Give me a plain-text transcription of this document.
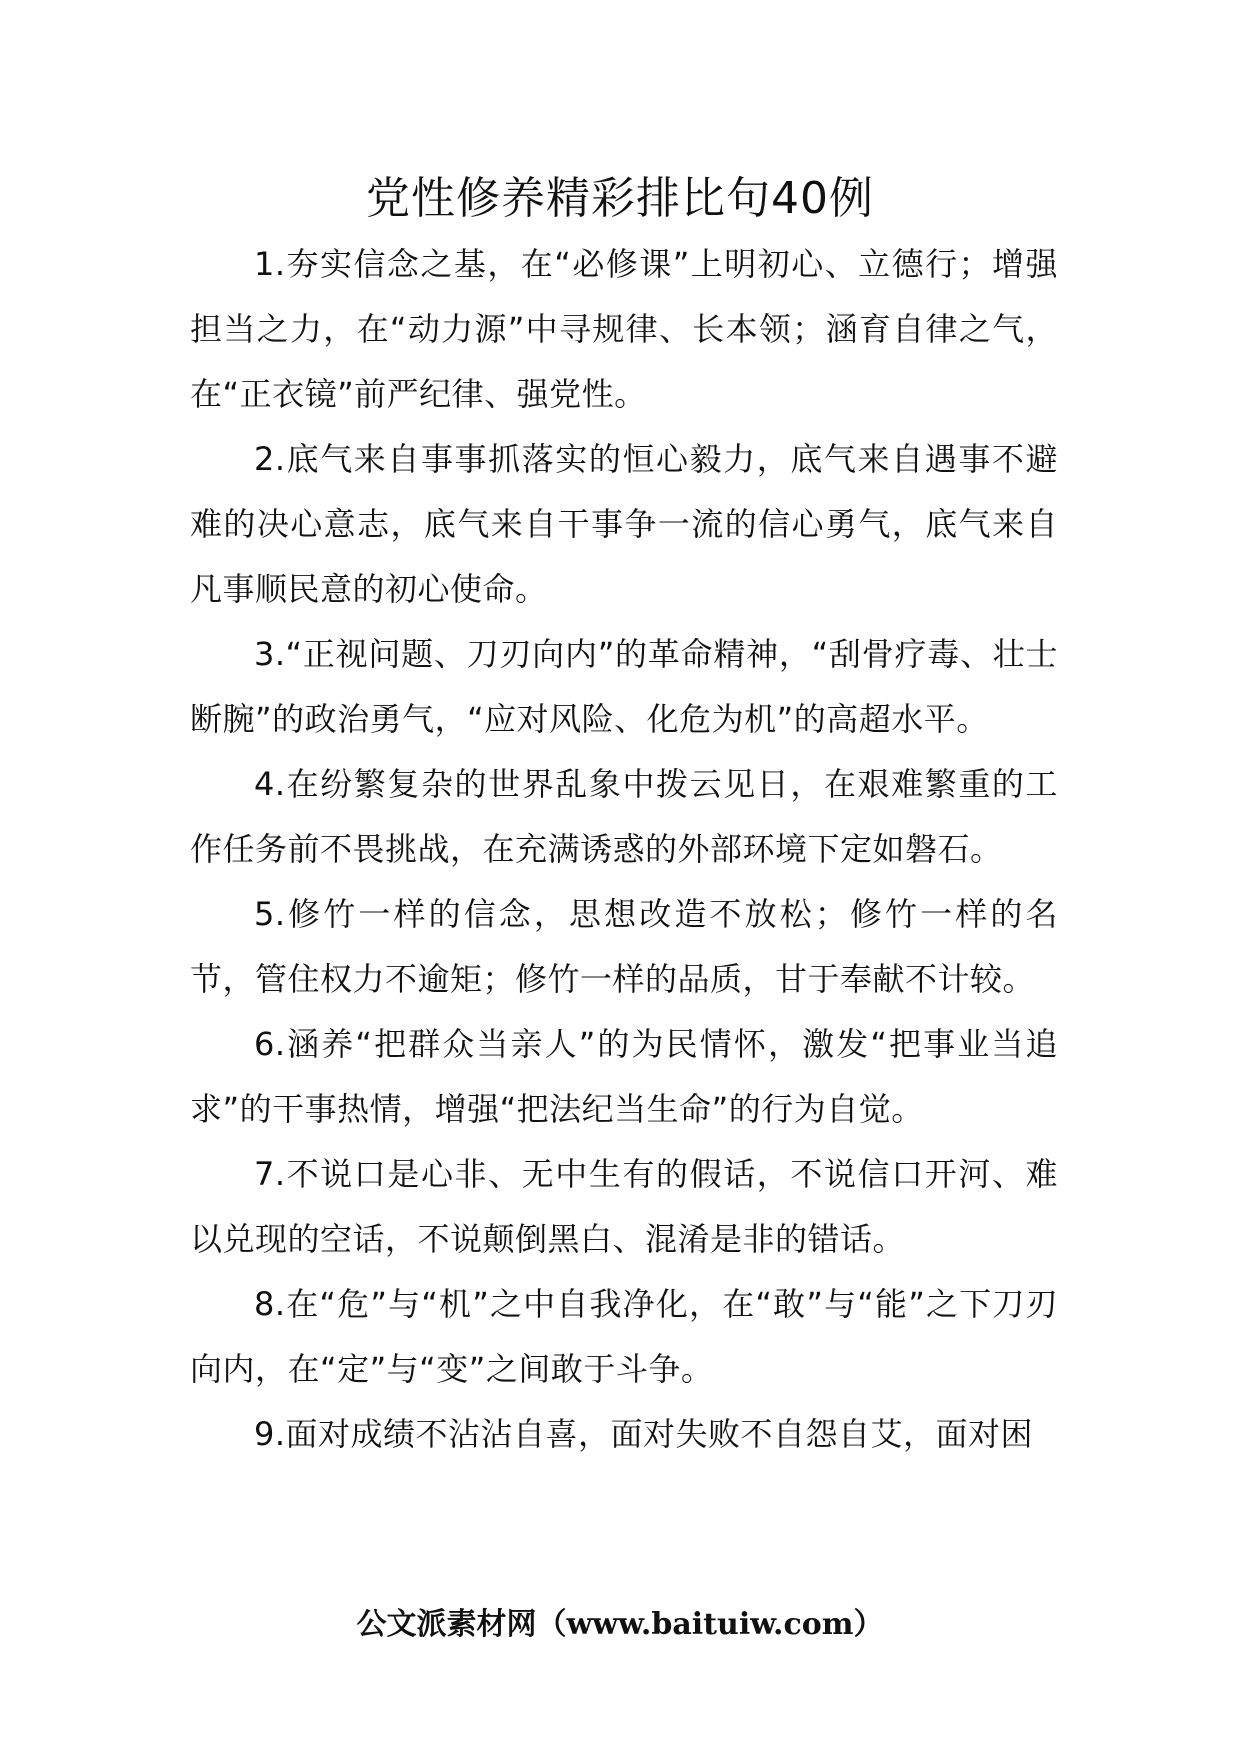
党性修养精彩排比句40例

1.夯实信念之基，在“必修课”上明初心、立德行；增强担当之力，在“动力源”中寻规律、长本领；涵育自律之气，在“正衣镜”前严纪律、强党性。

2.底气来自事事抓落实的恒心毅力，底气来自遇事不避难的决心意志，底气来自干事争一流的信心勇气，底气来自凡事顺民意的初心使命。

3.“正视问题、刀刃向内”的革命精神，“刮骨疗毒、壮士断腕”的政治勇气，“应对风险、化危为机”的高超水平。

4.在纷繁复杂的世界乱象中拨云见日，在艰难繁重的工作任务前不畏挑战，在充满诱惑的外部环境下定如磐石。

5.修竹一样的信念，思想改造不放松；修竹一样的名节，管住权力不逾矩；修竹一样的品质，甘于奉献不计较。

6.涵养“把群众当亲人”的为民情怀，激发“把事业当追求”的干事热情，增强“把法纪当生命”的行为自觉。

7.不说口是心非、无中生有的假话，不说信口开河、难以兑现的空话，不说颠倒黑白、混淆是非的错话。

8.在“危”与“机”之中自我净化，在“敢”与“能”之下刀刃向内，在“定”与“变”之间敢于斗争。

9.面对成绩不沾沾自喜，面对失败不自怨自艾，面对困

公文派素材网（www.baituiw.com）
